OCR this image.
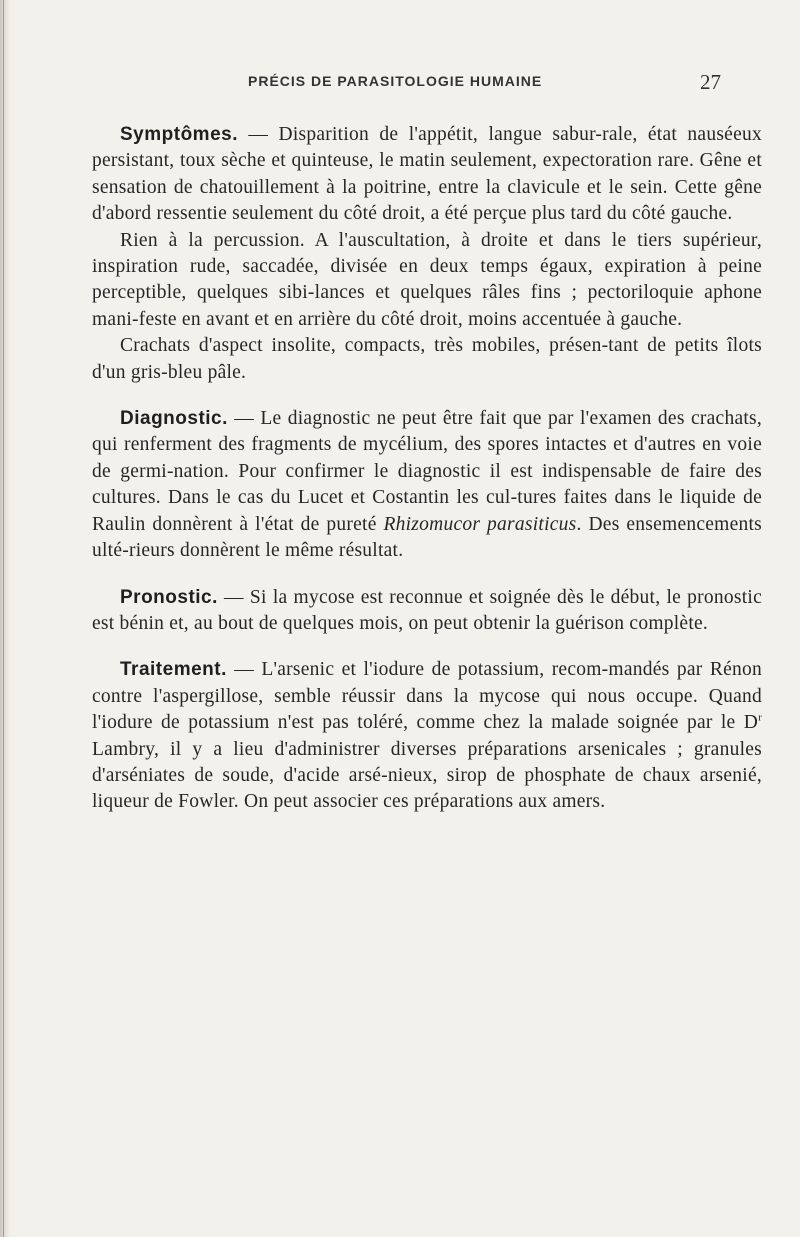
PRÉCIS DE PARASITOLOGIE HUMAINE	27

Symptômes. — Disparition de l'appétit, langue sabur-rale, état nauséeux persistant, toux sèche et quinteuse, le matin seulement, expectoration rare. Gêne et sensation de chatouillement à la poitrine, entre la clavicule et le sein. Cette gêne d'abord ressentie seulement du côté droit, a été perçue plus tard du côté gauche.

Rien à la percussion. A l'auscultation, à droite et dans le tiers supérieur, inspiration rude, saccadée, divisée en deux temps égaux, expiration à peine perceptible, quelques sibi-lances et quelques râles fins ; pectoriloquie aphone mani-feste en avant et en arrière du côté droit, moins accentuée à gauche.

Crachats d'aspect insolite, compacts, très mobiles, présen-tant de petits îlots d'un gris-bleu pâle.

Diagnostic. — Le diagnostic ne peut être fait que par l'examen des crachats, qui renferment des fragments de mycélium, des spores intactes et d'autres en voie de germi-nation. Pour confirmer le diagnostic il est indispensable de faire des cultures. Dans le cas du Lucet et Costantin les cul-tures faites dans le liquide de Raulin donnèrent à l'état de pureté Rhizomucor parasiticus. Des ensemencements ulté-rieurs donnèrent le même résultat.

Pronostic. — Si la mycose est reconnue et soignée dès le début, le pronostic est bénin et, au bout de quelques mois, on peut obtenir la guérison complète.

Traitement. — L'arsenic et l'iodure de potassium, recom-mandés par Rénon contre l'aspergillose, semble réussir dans la mycose qui nous occupe. Quand l'iodure de potassium n'est pas toléré, comme chez la malade soignée par le $D^r$ Lambry, il y a lieu d'administrer diverses préparations arsenicales ; granules d'arséniates de soude, d'acide arsé-nieux, sirop de phosphate de chaux arsenié, liqueur de Fowler. On peut associer ces préparations aux amers.
